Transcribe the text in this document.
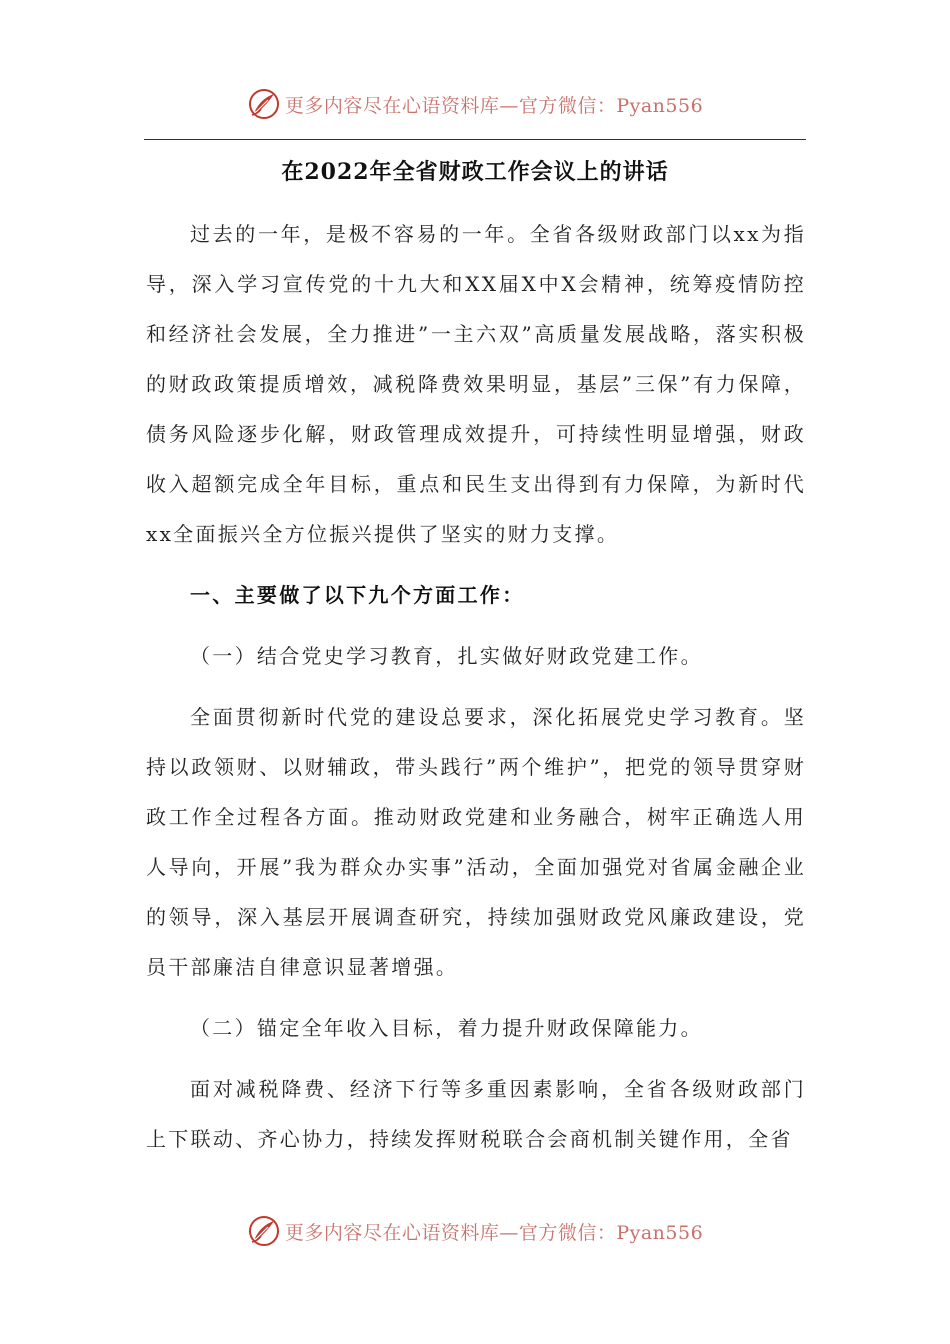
更多内容尽在心语资料库—官方微信：Pyan556
在2022年全省财政工作会议上的讲话

过去的一年，是极不容易的一年。全省各级财政部门以xx为指导，深入学习宣传党的十九大和XX届X中X会精神，统筹疫情防控和经济社会发展，全力推进”一主六双”高质量发展战略，落实积极的财政政策提质增效，减税降费效果明显，基层”三保”有力保障，债务风险逐步化解，财政管理成效提升，可持续性明显增强，财政收入超额完成全年目标，重点和民生支出得到有力保障，为新时代xx全面振兴全方位振兴提供了坚实的财力支撑。

一、主要做了以下九个方面工作：

（一）结合党史学习教育，扎实做好财政党建工作。

全面贯彻新时代党的建设总要求，深化拓展党史学习教育。坚持以政领财、以财辅政，带头践行”两个维护”，把党的领导贯穿财政工作全过程各方面。推动财政党建和业务融合，树牢正确选人用人导向，开展”我为群众办实事”活动，全面加强党对省属金融企业的领导，深入基层开展调查研究，持续加强财政党风廉政建设，党员干部廉洁自律意识显著增强。

（二）锚定全年收入目标，着力提升财政保障能力。

面对减税降费、经济下行等多重因素影响，全省各级财政部门上下联动、齐心协力，持续发挥财税联合会商机制关键作用，全省

更多内容尽在心语资料库—官方微信：Pyan556
